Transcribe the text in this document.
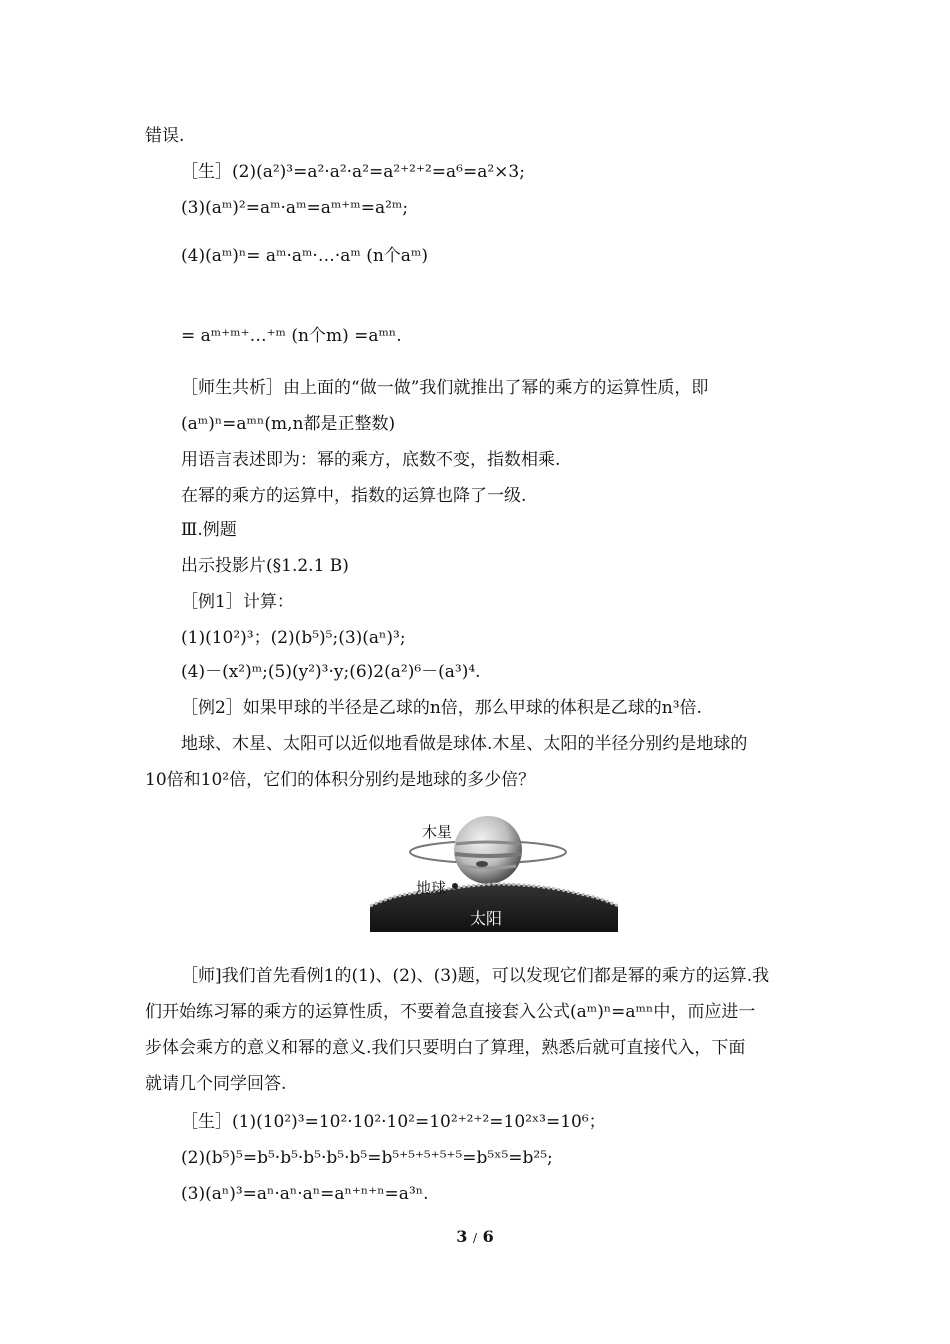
错误.
［生］(2)(a²)³=a²·a²·a²=a²⁺²⁺²=a⁶=a²×3;
(3)(aᵐ)²=aᵐ·aᵐ=aᵐ⁺ᵐ=a²ᵐ;
(4)(aᵐ)ⁿ= aᵐ·aᵐ·…·aᵐ (n个aᵐ)
= aᵐ⁺ᵐ⁺…⁺ᵐ (n个m) =aᵐⁿ.
［师生共析］由上面的“做一做”我们就推出了幂的乘方的运算性质，即
(aᵐ)ⁿ=aᵐⁿ(m,n都是正整数)
用语言表述即为：幂的乘方，底数不变，指数相乘.
在幂的乘方的运算中，指数的运算也降了一级.
Ⅲ.例题
出示投影片(§1.2.1 B)
［例1］计算：
(1)(10²)³；(2)(b⁵)⁵;(3)(aⁿ)³;
(4)－(x²)ᵐ;(5)(y²)³·y;(6)2(a²)⁶－(a³)⁴.
［例2］如果甲球的半径是乙球的n倍，那么甲球的体积是乙球的n³倍.
地球、木星、太阳可以近似地看做是球体.木星、太阳的半径分别约是地球的
10倍和10²倍，它们的体积分别约是地球的多少倍？
木星
地球
太阳
［师]我们首先看例1的(1)、(2)、(3)题，可以发现它们都是幂的乘方的运算.我
们开始练习幂的乘方的运算性质，不要着急直接套入公式(aᵐ)ⁿ=aᵐⁿ中，而应进一
步体会乘方的意义和幂的意义.我们只要明白了算理，熟悉后就可直接代入，下面
就请几个同学回答.
［生］(1)(10²)³=10²·10²·10²=10²⁺²⁺²=10²ˣ³=10⁶；
(2)(b⁵)⁵=b⁵·b⁵·b⁵·b⁵·b⁵=b⁵⁺⁵⁺⁵⁺⁵⁺⁵=b⁵ˣ⁵=b²⁵;
(3)(aⁿ)³=aⁿ·aⁿ·aⁿ=aⁿ⁺ⁿ⁺ⁿ=a³ⁿ.
3 / 6
